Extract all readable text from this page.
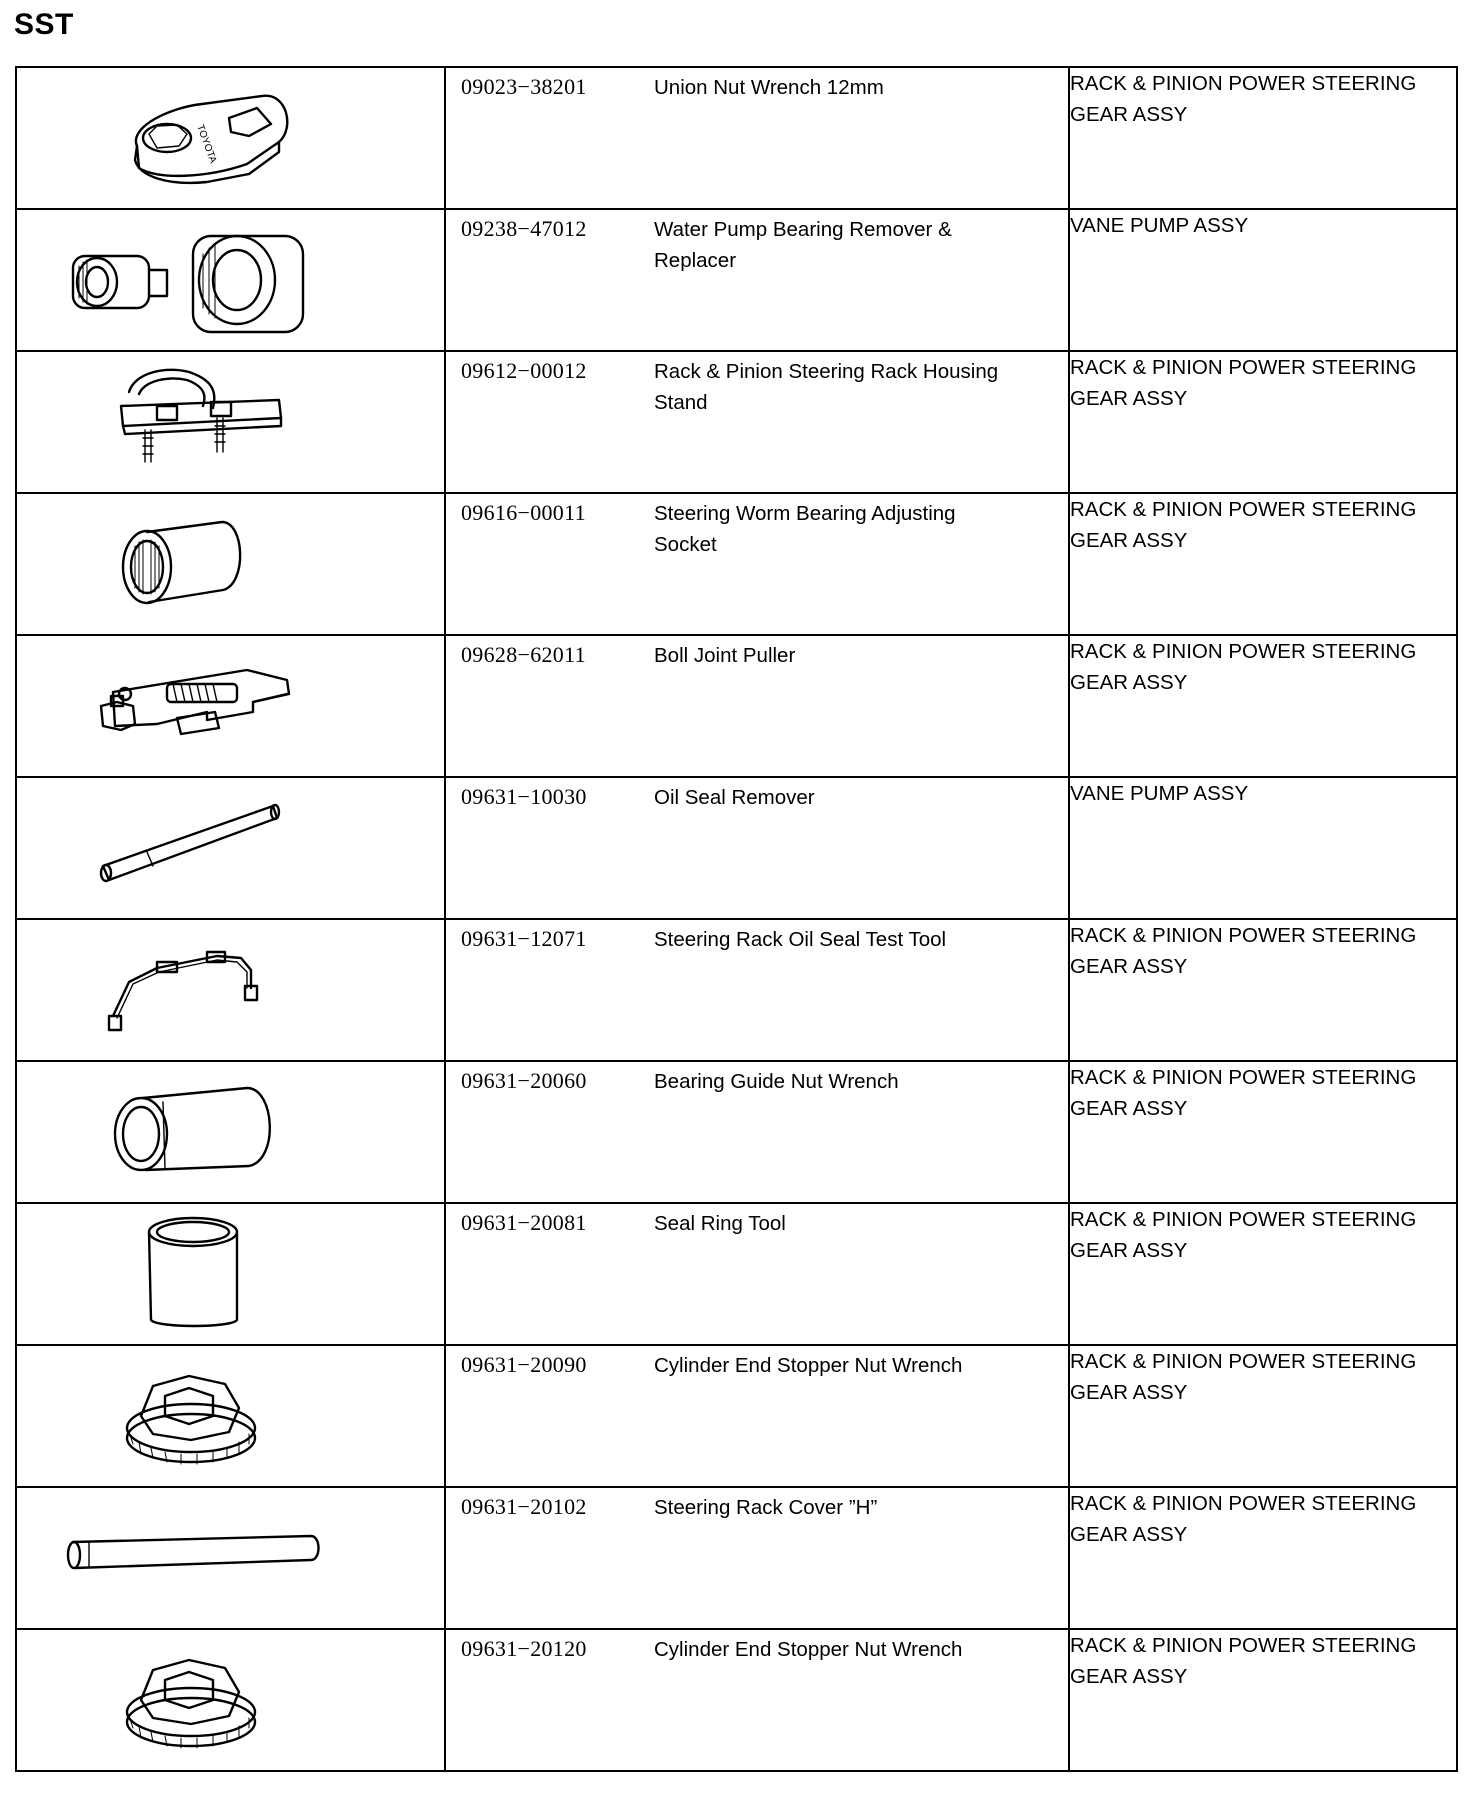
SST
TOYOTA	09023−38201 Union Nut Wrench 12mm	RACK & PINION POWER STEERING GEAR ASSY

09238−47012 Water Pump Bearing Remover & Replacer	VANE PUMP ASSY

09612−00012 Rack & Pinion Steering Rack Housing Stand	RACK & PINION POWER STEERING GEAR ASSY

09616−00011 Steering Worm Bearing Adjusting Socket	RACK & PINION POWER STEERING GEAR ASSY

09628−62011 Boll Joint Puller	RACK & PINION POWER STEERING GEAR ASSY

09631−10030 Oil Seal Remover	VANE PUMP ASSY

09631−12071 Steering Rack Oil Seal Test Tool	RACK & PINION POWER STEERING GEAR ASSY

09631−20060 Bearing Guide Nut Wrench	RACK & PINION POWER STEERING GEAR ASSY

09631−20081 Seal Ring Tool	RACK & PINION POWER STEERING GEAR ASSY

09631−20090 Cylinder End Stopper Nut Wrench	RACK & PINION POWER STEERING GEAR ASSY

09631−20102 Steering Rack Cover ”H”	RACK & PINION POWER STEERING GEAR ASSY

09631−20120 Cylinder End Stopper Nut Wrench	RACK & PINION POWER STEERING GEAR ASSY
